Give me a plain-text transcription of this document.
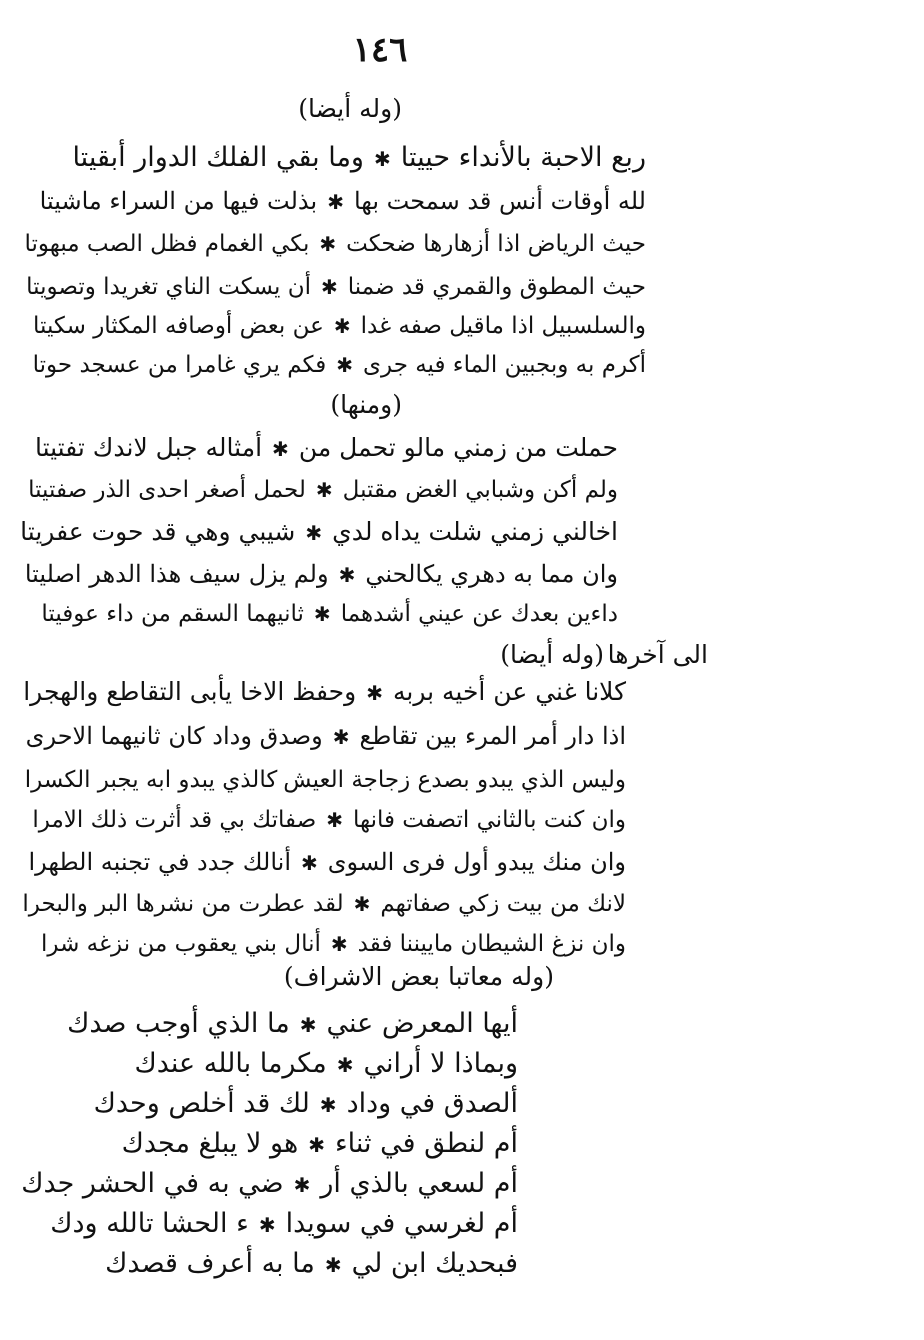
١٤٦
(وله أيضا)
ربع الاحبة بالأنداء حييتا✱وما بقي الفلك الدوار أبقيتا
لله أوقات أنس قد سمحت بها✱بذلت فيها من السراء ماشيتا
حيث الرياض اذا أزهارها ضحكت✱بكي الغمام فظل الصب مبهوتا
حيث المطوق والقمري قد ضمنا✱أن يسكت الناي تغريدا وتصويتا
والسلسبيل اذا ماقيل صفه غدا✱عن بعض أوصافه المكثار سكيتا
أكرم به وبجبين الماء فيه جرى✱فكم يري غامرا من عسجد حوتا
(ومنها)
حملت من زمني مالو تحمل من✱أمثاله جبل لاندك تفتيتا
ولم أكن وشبابي الغض مقتبل✱لحمل أصغر احدى الذر صفتيتا
اخالني زمني شلت يداه لدي✱شيبي وهي قد حوت عفريتا
وان مما به دهري يكالحني✱ولم يزل سيف هذا الدهر اصليتا
داءين بعدك عن عيني أشدهما✱ثانيهما السقم من داء عوفيتا
الى آخرها
(وله أيضا)
كلانا غني عن أخيه بربه✱وحفظ الاخا يأبى التقاطع والهجرا
اذا دار أمر المرء بين تقاطع✱وصدق وداد كان ثانيهما الاحرى
وليس الذي يبدو بصدع زجاجة العيشكالذي يبدو ابه يجبر الكسرا
وان كنت بالثاني اتصفت فانها✱صفاتك بي قد أثرت ذلك الامرا
وان منك يبدو أول فرى السوى✱أنالك جدد في تجنبه الطهرا
لانك من بيت زكي صفاتهم✱لقد عطرت من نشرها البر والبحرا
وان نزغ الشيطان ماييننا فقد✱أنال بني يعقوب من نزغه شرا
(وله معاتبا بعض الاشراف)
أيها المعرض عني✱ما الذي أوجب صدك
وبماذا لا أراني✱مكرما بالله عندك
ألصدق في وداد✱لك قد أخلص وحدك
أم لنطق في ثناء✱هو لا يبلغ مجدك
أم لسعي بالذي أر✱ضي به في الحشر جدك
أم لغرسي في سويدا✱ء الحشا تالله ودك
فبحديك ابن لي✱ما به أعرف قصدك
